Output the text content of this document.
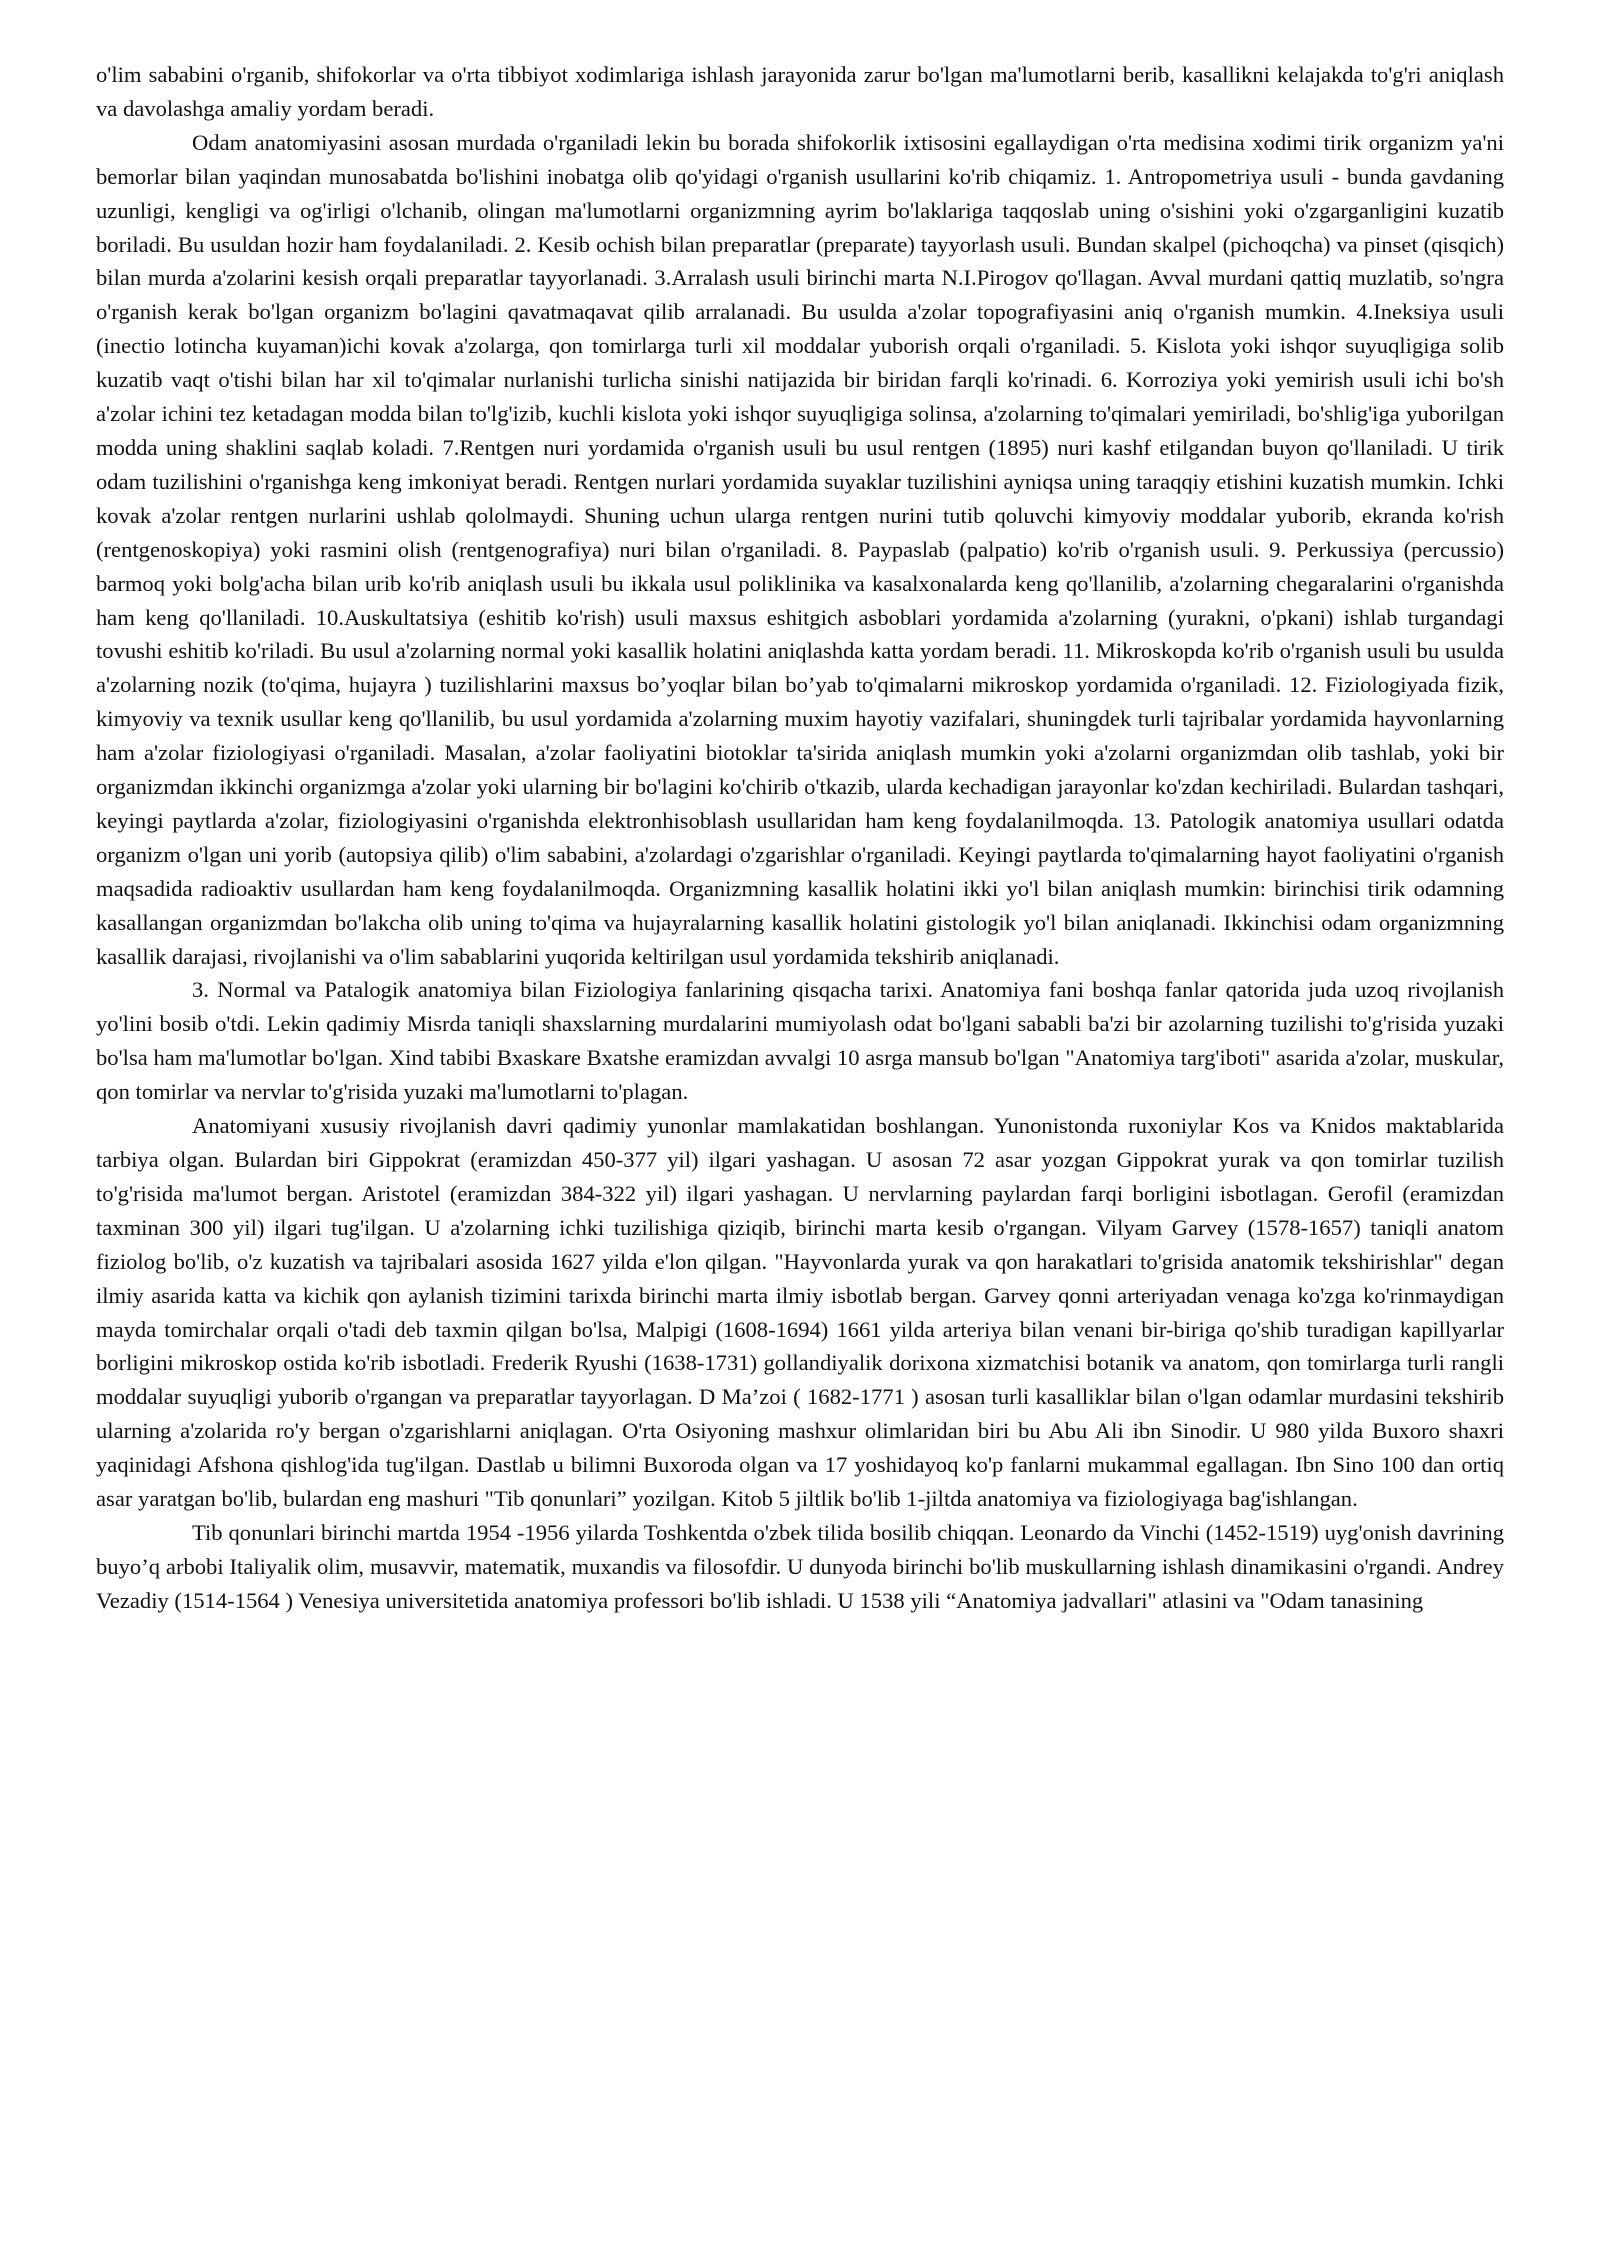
o'lim sababini o'rganib, shifokorlar va o'rta tibbiyot xodimlariga ishlash jarayonida zarur bo'lgan ma'lumotlarni berib, kasallikni kelajakda to'g'ri aniqlash va davolashga amaliy yordam beradi.

Odam anatomiyasini asosan murdada o'rganiladi lekin bu borada shifokorlik ixtisosini egallaydigan o'rta medisina xodimi tirik organizm ya'ni bemorlar bilan yaqindan munosabatda bo'lishini inobatga olib qo'yidagi o'rganish usullarini ko'rib chiqamiz. 1. Antropometriya usuli - bunda gavdaning uzunligi, kengligi va og'irligi o'lchanib, olingan ma'lumotlarni organizmning ayrim bo'laklariga taqqoslab uning o'sishini yoki o'zgarganligini kuzatib boriladi. Bu usuldan hozir ham foydalaniladi. 2. Kesib ochish bilan preparatlar (preparate) tayyorlash usuli. Bundan skalpel (pichoqcha) va pinset (qisqich) bilan murda a'zolarini kesish orqali preparatlar tayyorlanadi. 3.Arralash usuli birinchi marta N.I.Pirogov qo'llagan. Avval murdani qattiq muzlatib, so'ngra o'rganish kerak bo'lgan organizm bo'lagini qavatmaqavat qilib arralanadi. Bu usulda a'zolar topografiyasini aniq o'rganish mumkin. 4.Ineksiya usuli (inectio lotincha kuyaman)ichi kovak a'zolarga, qon tomirlarga turli xil moddalar yuborish orqali o'rganiladi. 5. Kislota yoki ishqor suyuqligiga solib kuzatib vaqt o'tishi bilan har xil to'qimalar nurlanishi turlicha sinishi natijazida bir biridan farqli ko'rinadi. 6. Korroziya yoki yemirish usuli ichi bo'sh a'zolar ichini tez ketadagan modda bilan to'lg'izib, kuchli kislota yoki ishqor suyuqligiga solinsa, a'zolarning to'qimalari yemiriladi, bo'shlig'iga yuborilgan modda uning shaklini saqlab koladi. 7.Rentgen nuri yordamida o'rganish usuli bu usul rentgen (1895) nuri kashf etilgandan buyon qo'llaniladi. U tirik odam tuzilishini o'rganishga keng imkoniyat beradi. Rentgen nurlari yordamida suyaklar tuzilishini ayniqsa uning taraqqiy etishini kuzatish mumkin. Ichki kovak a'zolar rentgen nurlarini ushlab qololmaydi. Shuning uchun ularga rentgen nurini tutib qoluvchi kimyoviy moddalar yuborib, ekranda ko'rish (rentgenoskopiya) yoki rasmini olish (rentgenografiya) nuri bilan o'rganiladi. 8. Paypaslab (palpatio) ko'rib o'rganish usuli. 9. Perkussiya (percussio) barmoq yoki bolg'acha bilan urib ko'rib aniqlash usuli bu ikkala usul poliklinika va kasalxonalarda keng qo'llanilib, a'zolarning chegaralarini o'rganishda ham keng qo'llaniladi. 10.Auskultatsiya (eshitib ko'rish) usuli maxsus eshitgich asboblari yordamida a'zolarning (yurakni, o'pkani) ishlab turgandagi tovushi eshitib ko'riladi. Bu usul a'zolarning normal yoki kasallik holatini aniqlashda katta yordam beradi. 11. Mikroskopda ko'rib o'rganish usuli bu usulda a'zolarning nozik (to'qima, hujayra ) tuzilishlarini maxsus bo’yoqlar bilan bo’yab to'qimalarni mikroskop yordamida o'rganiladi. 12. Fiziologiyada fizik, kimyoviy va texnik usullar keng qo'llanilib, bu usul yordamida a'zolarning muxim hayotiy vazifalari, shuningdek turli tajribalar yordamida hayvonlarning ham a'zolar fiziologiyasi o'rganiladi. Masalan, a'zolar faoliyatini biotoklar ta'sirida aniqlash mumkin yoki a'zolarni organizmdan olib tashlab, yoki bir organizmdan ikkinchi organizmga a'zolar yoki ularning bir bo'lagini ko'chirib o'tkazib, ularda kechadigan jarayonlar ko'zdan kechiriladi. Bulardan tashqari, keyingi paytlarda a'zolar, fiziologiyasini o'rganishda elektronhisoblash usullaridan ham keng foydalanilmoqda. 13. Patologik anatomiya usullari odatda organizm o'lgan uni yorib (autopsiya qilib) o'lim sababini, a'zolardagi o'zgarishlar o'rganiladi. Keyingi paytlarda to'qimalarning hayot faoliyatini o'rganish maqsadida radioaktiv usullardan ham keng foydalanilmoqda. Organizmning kasallik holatini ikki yo'l bilan aniqlash mumkin: birinchisi tirik odamning kasallangan organizmdan bo'lakcha olib uning to'qima va hujayralarning kasallik holatini gistologik yo'l bilan aniqlanadi. Ikkinchisi odam organizmning kasallik darajasi, rivojlanishi va o'lim sabablarini yuqorida keltirilgan usul yordamida tekshirib aniqlanadi.

3. Normal va Patalogik anatomiya bilan Fiziologiya fanlarining qisqacha tarixi. Anatomiya fani boshqa fanlar qatorida juda uzoq rivojlanish yo'lini bosib o'tdi. Lekin qadimiy Misrda taniqli shaxslarning murdalarini mumiyolash odat bo'lgani sababli ba'zi bir azolarning tuzilishi to'g'risida yuzaki bo'lsa ham ma'lumotlar bo'lgan. Xind tabibi Bxaskare Bxatshe eramizdan avvalgi 10 asrga mansub bo'lgan "Anatomiya targ'iboti" asarida a'zolar, muskular, qon tomirlar va nervlar to'g'risida yuzaki ma'lumotlarni to'plagan.

Anatomiyani xususiy rivojlanish davri qadimiy yunonlar mamlakatidan boshlangan. Yunonistonda ruxoniylar Kos va Knidos maktablarida tarbiya olgan. Bulardan biri Gippokrat (eramizdan 450-377 yil) ilgari yashagan. U asosan 72 asar yozgan Gippokrat yurak va qon tomirlar tuzilish to'g'risida ma'lumot bergan. Aristotel (eramizdan 384-322 yil) ilgari yashagan. U nervlarning paylardan farqi borligini isbotlagan. Gerofil (eramizdan taxminan 300 yil) ilgari tug'ilgan. U a'zolarning ichki tuzilishiga qiziqib, birinchi marta kesib o'rgangan. Vilyam Garvey (1578-1657) taniqli anatom fiziolog bo'lib, o'z kuzatish va tajribalari asosida 1627 yilda e'lon qilgan. "Hayvonlarda yurak va qon harakatlari to'grisida anatomik tekshirishlar" degan ilmiy asarida katta va kichik qon aylanish tizimini tarixda birinchi marta ilmiy isbotlab bergan. Garvey qonni arteriyadan venaga ko'zga ko'rinmaydigan mayda tomirchalar orqali o'tadi deb taxmin qilgan bo'lsa, Malpigi (1608-1694) 1661 yilda arteriya bilan venani bir-biriga qo'shib turadigan kapillyarlar borligini mikroskop ostida ko'rib isbotladi. Frederik Ryushi (1638-1731) gollandiyalik dorixona xizmatchisi botanik va anatom, qon tomirlarga turli rangli moddalar suyuqligi yuborib o'rgangan va preparatlar tayyorlagan. D Ma’zoi ( 1682-1771 ) asosan turli kasalliklar bilan o'lgan odamlar murdasini tekshirib ularning a'zolarida ro'y bergan o'zgarishlarni aniqlagan. O'rta Osiyoning mashxur olimlaridan biri bu Abu Ali ibn Sinodir. U 980 yilda Buxoro shaxri yaqinidagi Afshona qishlog'ida tug'ilgan. Dastlab u bilimni Buxoroda olgan va 17 yoshidayoq ko'p fanlarni mukammal egallagan. Ibn Sino 100 dan ortiq asar yaratgan bo'lib, bulardan eng mashuri "Tib qonunlari” yozilgan. Kitob 5 jiltlik bo'lib 1-jiltda anatomiya va fiziologiyaga bag'ishlangan.

Tib qonunlari birinchi martda 1954 -1956 yilarda Toshkentda o'zbek tilida bosilib chiqqan. Leonardo da Vinchi (1452-1519) uyg'onish davrining buyo’q arbobi Italiyalik olim, musavvir, matematik, muxandis va filosofdir. U dunyoda birinchi bo'lib muskullarning ishlash dinamikasini o'rgandi. Andrey Vezadiy (1514-1564 ) Venesiya universitetida anatomiya professori bo'lib ishladi. U 1538 yili “Anatomiya jadvallari" atlasini va "Odam tanasining
